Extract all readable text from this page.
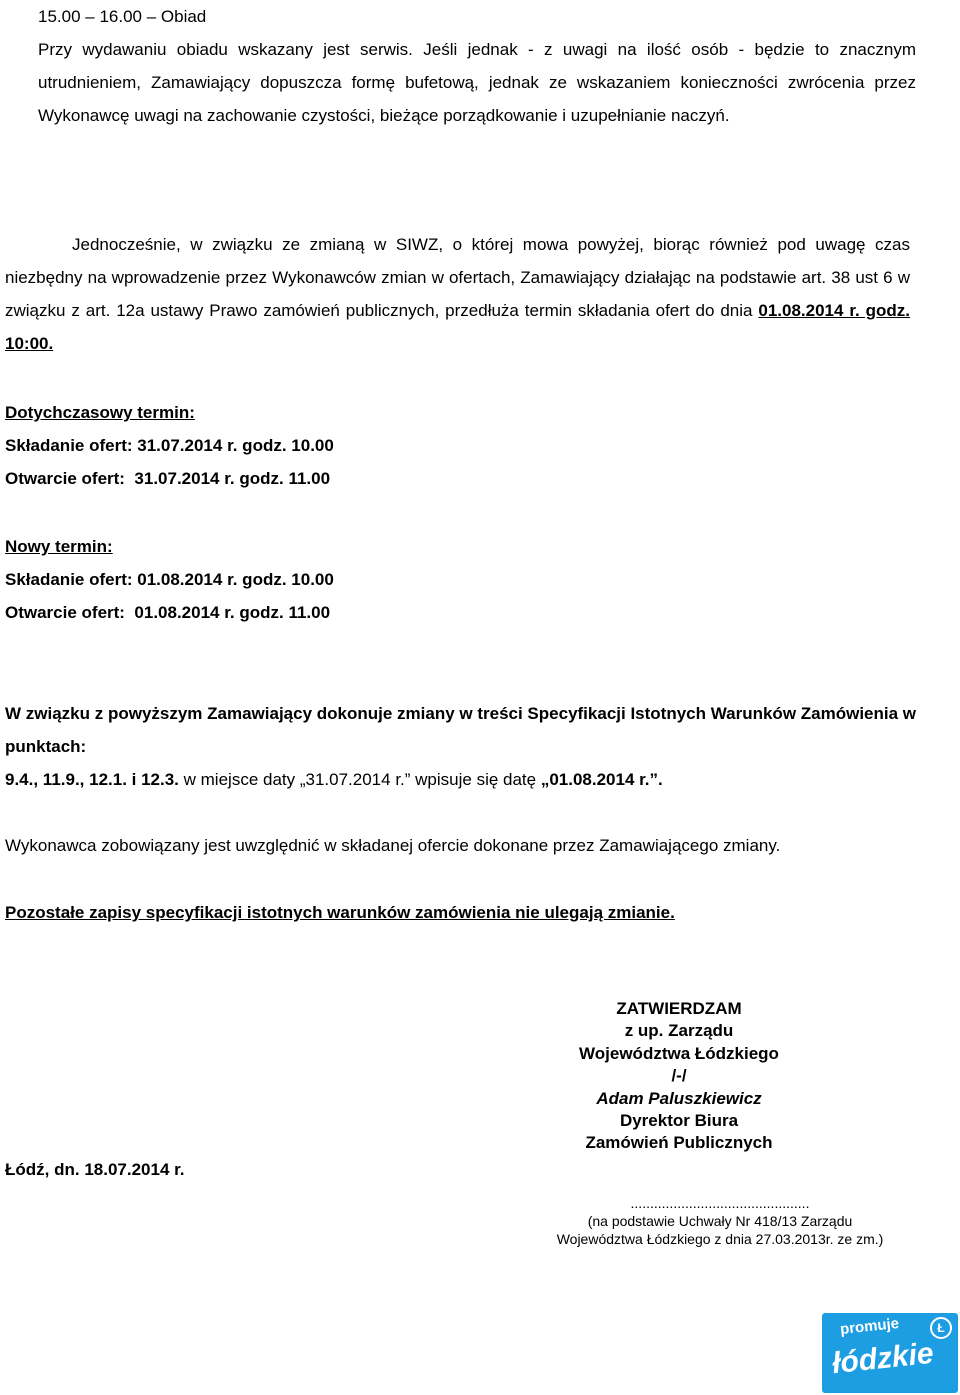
15.00 – 16.00 – Obiad
Przy wydawaniu obiadu wskazany jest serwis. Jeśli jednak - z uwagi na ilość osób - będzie to znacznym utrudnieniem, Zamawiający dopuszcza formę bufetową, jednak ze wskazaniem konieczności zwrócenia przez Wykonawcę uwagi na zachowanie czystości, bieżące porządkowanie i uzupełnianie naczyń.
Jednocześnie, w związku ze zmianą w SIWZ, o której mowa powyżej, biorąc również pod uwagę czas niezbędny na wprowadzenie przez Wykonawców zmian w ofertach, Zamawiający działając na podstawie art. 38 ust 6 w związku z art. 12a ustawy Prawo zamówień publicznych, przedłuża termin składania ofert do dnia 01.08.2014 r. godz. 10:00.
Dotychczasowy termin:
Składanie ofert: 31.07.2014 r. godz. 10.00
Otwarcie ofert:  31.07.2014 r. godz. 11.00
Nowy termin:
Składanie ofert: 01.08.2014 r. godz. 10.00
Otwarcie ofert:  01.08.2014 r. godz. 11.00
W związku z powyższym Zamawiający dokonuje zmiany w treści Specyfikacji Istotnych Warunków Zamówienia w punktach:
9.4., 11.9., 12.1. i 12.3. w miejsce daty „31.07.2014 r.” wpisuje się datę „01.08.2014 r.”.
Wykonawca zobowiązany jest uwzględnić w składanej ofercie dokonane przez Zamawiającego zmiany.
Pozostałe zapisy specyfikacji istotnych warunków zamówienia nie ulegają zmianie.
ZATWIERDZAM
z up. Zarządu
Województwa Łódzkiego
/-/
Adam Paluszkiewicz
Dyrektor Biura
Zamówień Publicznych
Łódź, dn. 18.07.2014 r.
..............................................
(na podstawie Uchwały Nr 418/13 Zarządu
Województwa Łódzkiego z dnia 27.03.2013r. ze zm.)
promuje
łódzkie
Ł
